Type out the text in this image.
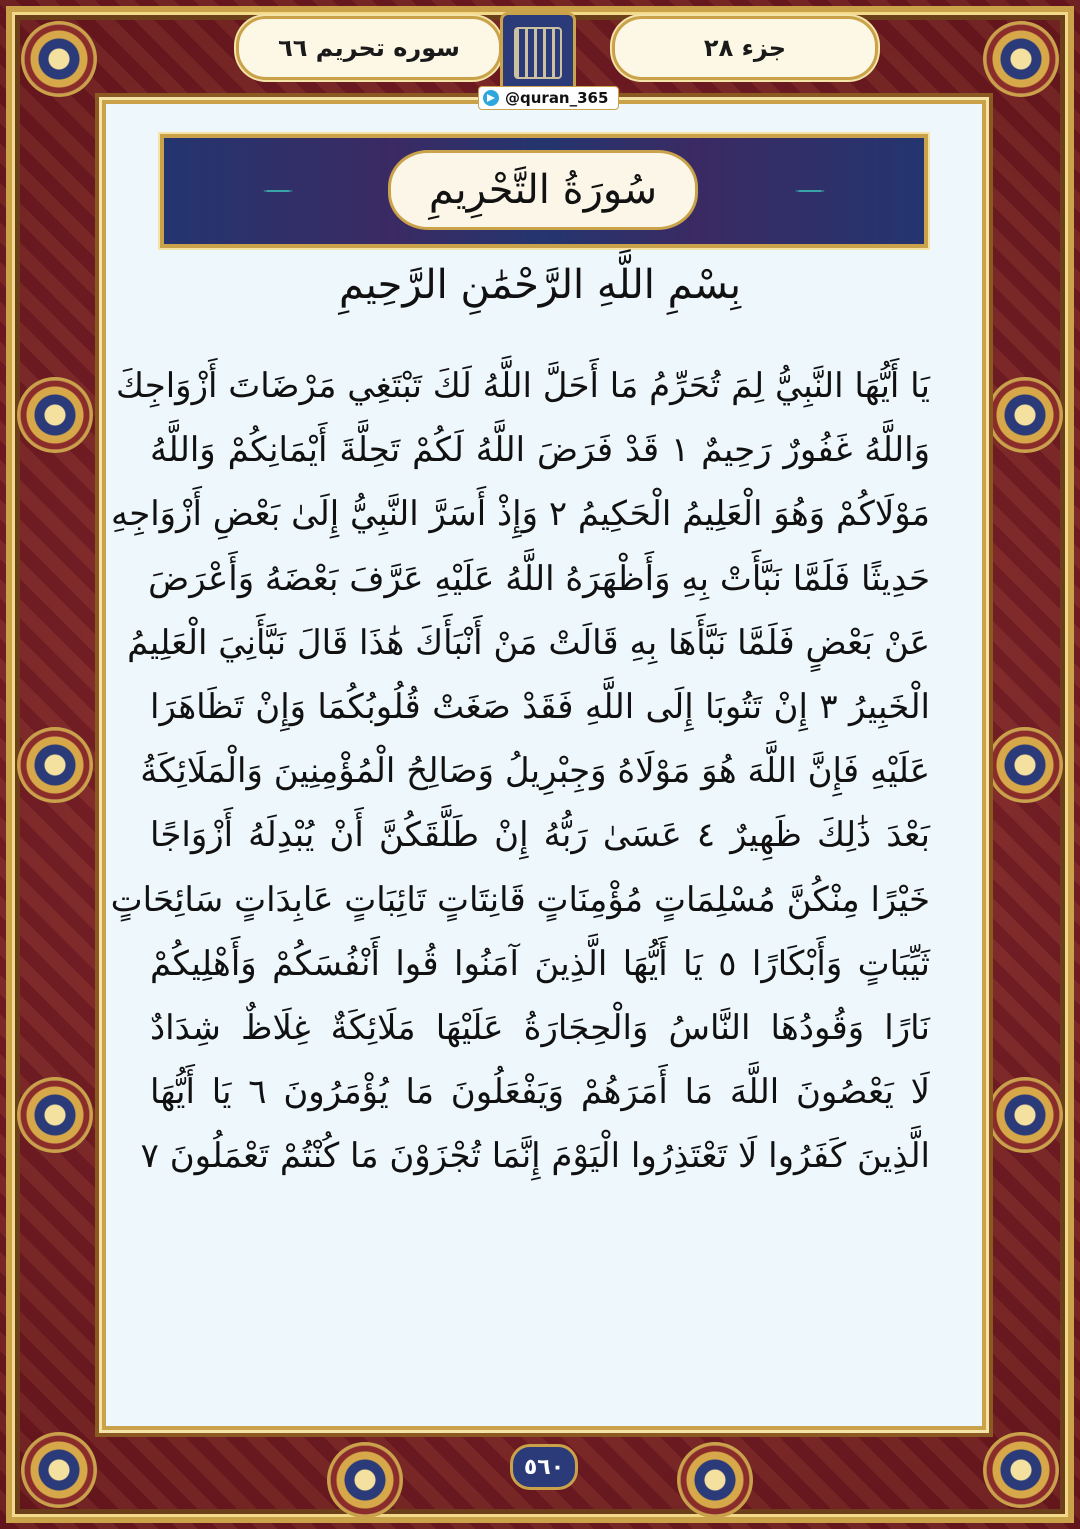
جزء ٢٨
سوره تحریم ٦٦
@quran_365
سُورَةُ التَّحْرِيمِ
بِسْمِ اللَّهِ الرَّحْمَٰنِ الرَّحِيمِ
يَا أَيُّهَا النَّبِيُّ لِمَ تُحَرِّمُ مَا أَحَلَّ اللَّهُ لَكَ تَبْتَغِي مَرْضَاتَ أَزْوَاجِكَ
وَاللَّهُ غَفُورٌ رَحِيمٌ ١ قَدْ فَرَضَ اللَّهُ لَكُمْ تَحِلَّةَ أَيْمَانِكُمْ وَاللَّهُ
مَوْلَاكُمْ وَهُوَ الْعَلِيمُ الْحَكِيمُ ٢ وَإِذْ أَسَرَّ النَّبِيُّ إِلَىٰ بَعْضِ أَزْوَاجِهِ
حَدِيثًا فَلَمَّا نَبَّأَتْ بِهِ وَأَظْهَرَهُ اللَّهُ عَلَيْهِ عَرَّفَ بَعْضَهُ وَأَعْرَضَ
عَنْ بَعْضٍ فَلَمَّا نَبَّأَهَا بِهِ قَالَتْ مَنْ أَنْبَأَكَ هَٰذَا قَالَ نَبَّأَنِيَ الْعَلِيمُ
الْخَبِيرُ ٣ إِنْ تَتُوبَا إِلَى اللَّهِ فَقَدْ صَغَتْ قُلُوبُكُمَا وَإِنْ تَظَاهَرَا
عَلَيْهِ فَإِنَّ اللَّهَ هُوَ مَوْلَاهُ وَجِبْرِيلُ وَصَالِحُ الْمُؤْمِنِينَ وَالْمَلَائِكَةُ
بَعْدَ ذَٰلِكَ ظَهِيرٌ ٤ عَسَىٰ رَبُّهُ إِنْ طَلَّقَكُنَّ أَنْ يُبْدِلَهُ أَزْوَاجًا
خَيْرًا مِنْكُنَّ مُسْلِمَاتٍ مُؤْمِنَاتٍ قَانِتَاتٍ تَائِبَاتٍ عَابِدَاتٍ سَائِحَاتٍ
ثَيِّبَاتٍ وَأَبْكَارًا ٥ يَا أَيُّهَا الَّذِينَ آمَنُوا قُوا أَنْفُسَكُمْ وَأَهْلِيكُمْ
نَارًا وَقُودُهَا النَّاسُ وَالْحِجَارَةُ عَلَيْهَا مَلَائِكَةٌ غِلَاظٌ شِدَادٌ
لَا يَعْصُونَ اللَّهَ مَا أَمَرَهُمْ وَيَفْعَلُونَ مَا يُؤْمَرُونَ ٦ يَا أَيُّهَا
الَّذِينَ كَفَرُوا لَا تَعْتَذِرُوا الْيَوْمَ إِنَّمَا تُجْزَوْنَ مَا كُنْتُمْ تَعْمَلُونَ ٧
٥٦٠
